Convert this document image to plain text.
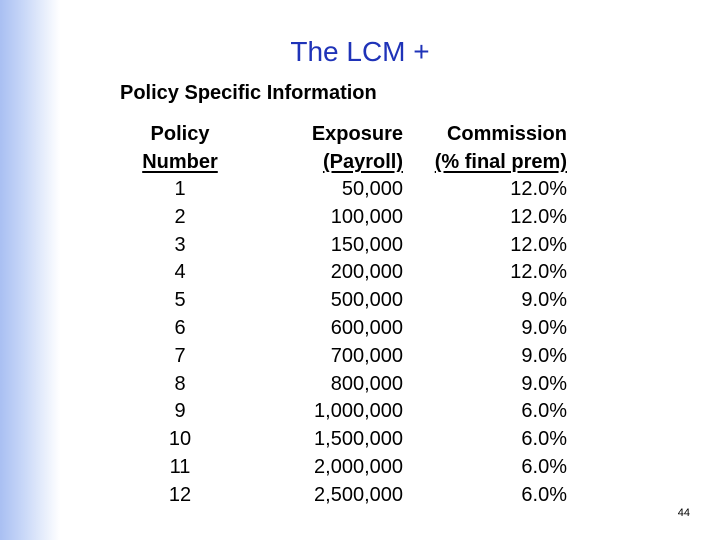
The LCM +
Policy Specific Information
Policy
Number
1
2
3
4
5
6
7
8
9
10
11
12
Exposure
(Payroll)
50,000
100,000
150,000
200,000
500,000
600,000
700,000
800,000
1,000,000
1,500,000
2,000,000
2,500,000
Commission
(% final prem)
12.0%
12.0%
12.0%
12.0%
9.0%
9.0%
9.0%
9.0%
6.0%
6.0%
6.0%
6.0%
44
